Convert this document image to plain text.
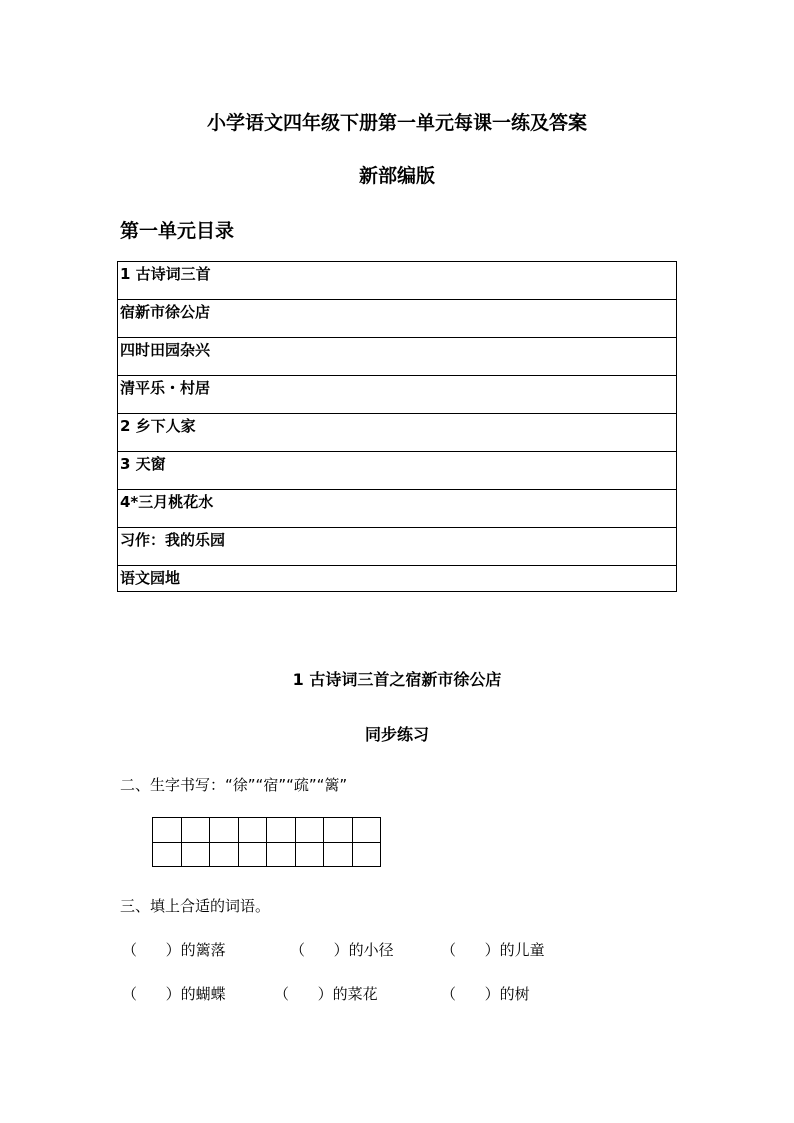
小学语文四年级下册第一单元每课一练及答案
新部编版
第一单元目录
1 古诗词三首
宿新市徐公店
四时田园杂兴
清平乐・村居
2 乡下人家
3 天窗
4*三月桃花水
习作：我的乐园
语文园地
1 古诗词三首之宿新市徐公店
同步练习
二、生字书写：“徐”“宿”“疏”“篱”
三、填上合适的词语。
（      ）的篱落	（      ）的小径	（      ）的儿童
（      ）的蝴蝶	（      ）的菜花	（      ）的树
